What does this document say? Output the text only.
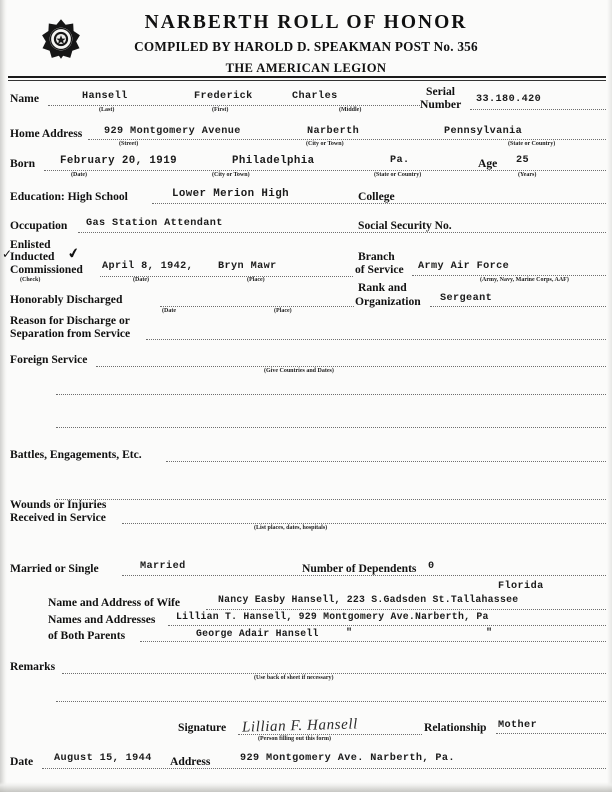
NARBERTH ROLL OF HONOR
COMPILED BY HAROLD D. SPEAKMAN POST No. 356
THE AMERICAN LEGION
Name	Hansell	Frederick	Charles
(Last)	(First)	(Middle)
Serial
Number 33.180.420
Home Address 929 Montgomery Avenue	Narberth	Pennsylvania
(Street)	(City or Town)	(State or Country)
Born February 20, 1919	Philadelphia	Pa.	Age 25
(Date)	(City or Town)	(State or Country)	(Years)
Education: High School	Lower Merion High	College
Occupation Gas Station Attendant	Social Security No.
Enlisted
✓
Inducted ✔
Commissioned
(Check)
April 8, 1942, Bryn Mawr
(Date)	(Place)
Branch
of Service Army Air Force
(Army, Navy, Marine Corps, AAF)
Honorably Discharged
(Date	(Place)
Rank and
Organization Sergeant
Reason for Discharge or
Separation from Service
Foreign Service
(Give Countries and Dates)
Battles, Engagements, Etc.
Wounds or Injuries
Received in Service
(List places, dates, hospitals)
Married or Single	Married	Number of Dependents 0
Florida
Name and Address of Wife	Nancy Easby Hansell, 223 S.Gadsden St.Tallahassee
Names and Addresses
of Both Parents
Lillian T. Hansell, 929 Montgomery Ave.Narberth, Pa
George Adair Hansell	"	"
Remarks
(Use back of sheet if necessary)
Signature Lillian F. Hansell
(Person filling out this form)
Relationship Mother
Date August 15, 1944 Address	929 Montgomery Ave. Narberth, Pa.
